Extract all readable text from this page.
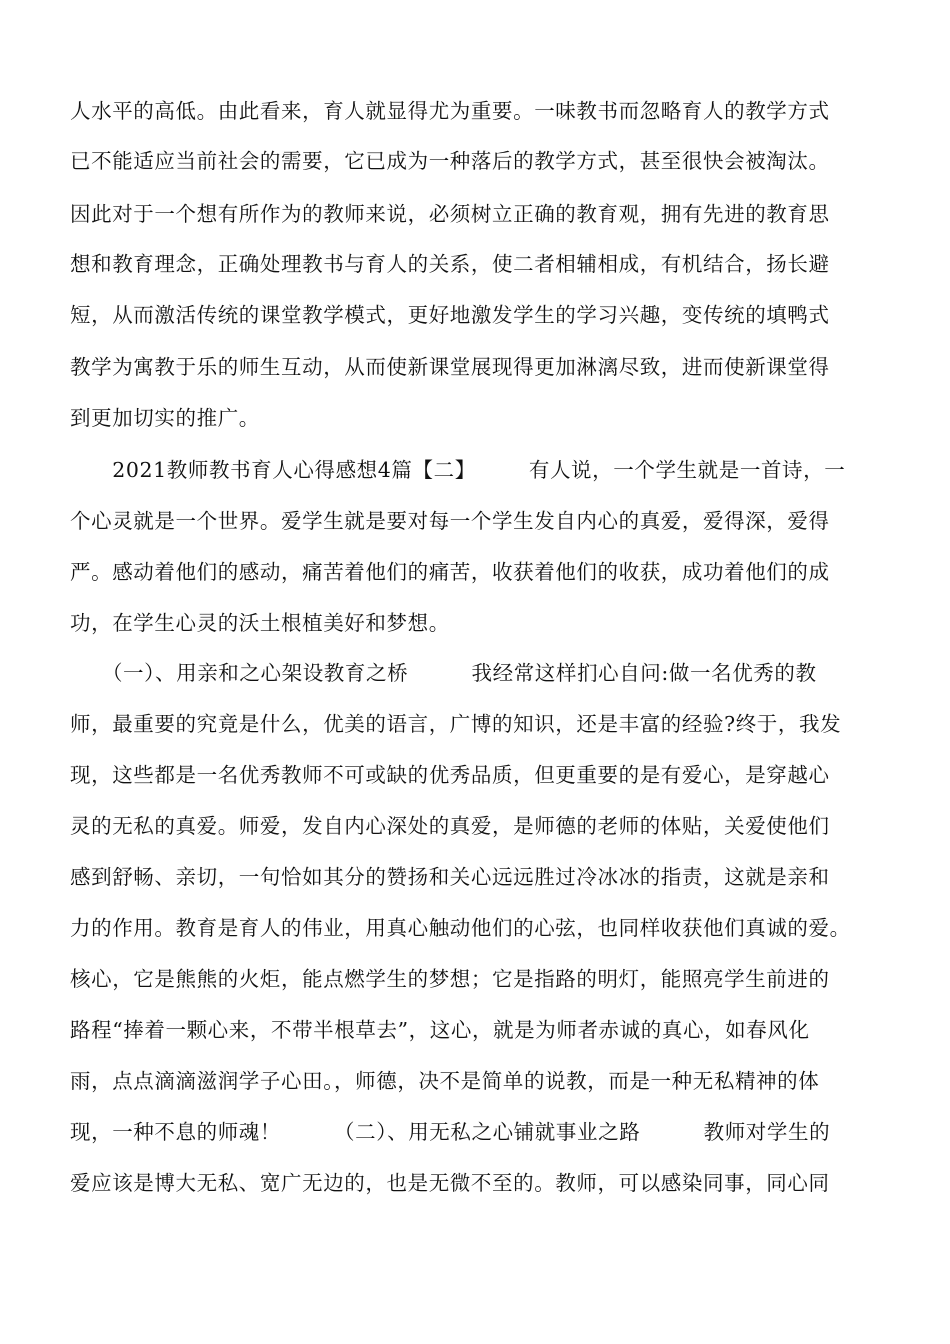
人水平的高低。由此看来，育人就显得尤为重要。一味教书而忽略育人的教学方式
已不能适应当前社会的需要，它已成为一种落后的教学方式，甚至很快会被淘汰。
因此对于一个想有所作为的教师来说，必须树立正确的教育观，拥有先进的教育思
想和教育理念，正确处理教书与育人的关系，使二者相辅相成，有机结合，扬长避
短，从而激活传统的课堂教学模式，更好地激发学生的学习兴趣，变传统的填鸭式
教学为寓教于乐的师生互动，从而使新课堂展现得更加淋漓尽致，进而使新课堂得
到更加切实的推广。
　　2021教师教书育人心得感想4篇【二】　　　有人说，一个学生就是一首诗，一
个心灵就是一个世界。爱学生就是要对每一个学生发自内心的真爱，爱得深，爱得
严。感动着他们的感动，痛苦着他们的痛苦，收获着他们的收获，成功着他们的成
功，在学生心灵的沃土根植美好和梦想。
　　（一）、用亲和之心架设教育之桥　　　我经常这样扪心自问:做一名优秀的教
师，最重要的究竟是什么，优美的语言，广博的知识，还是丰富的经验?终于，我发
现，这些都是一名优秀教师不可或缺的优秀品质，但更重要的是有爱心，是穿越心
灵的无私的真爱。师爱，发自内心深处的真爱，是师德的老师的体贴，关爱使他们
感到舒畅、亲切，一句恰如其分的赞扬和关心远远胜过冷冰冰的指责，这就是亲和
力的作用。教育是育人的伟业，用真心触动他们的心弦，也同样收获他们真诚的爱。
核心，它是熊熊的火炬，能点燃学生的梦想；它是指路的明灯，能照亮学生前进的
路程“捧着一颗心来，不带半根草去”，这心，就是为师者赤诚的真心，如春风化
雨，点点滴滴滋润学子心田。，师德，决不是简单的说教，而是一种无私精神的体
现，一种不息的师魂！　　　（二）、用无私之心铺就事业之路　　　教师对学生的
爱应该是博大无私、宽广无边的，也是无微不至的。教师，可以感染同事，同心同
